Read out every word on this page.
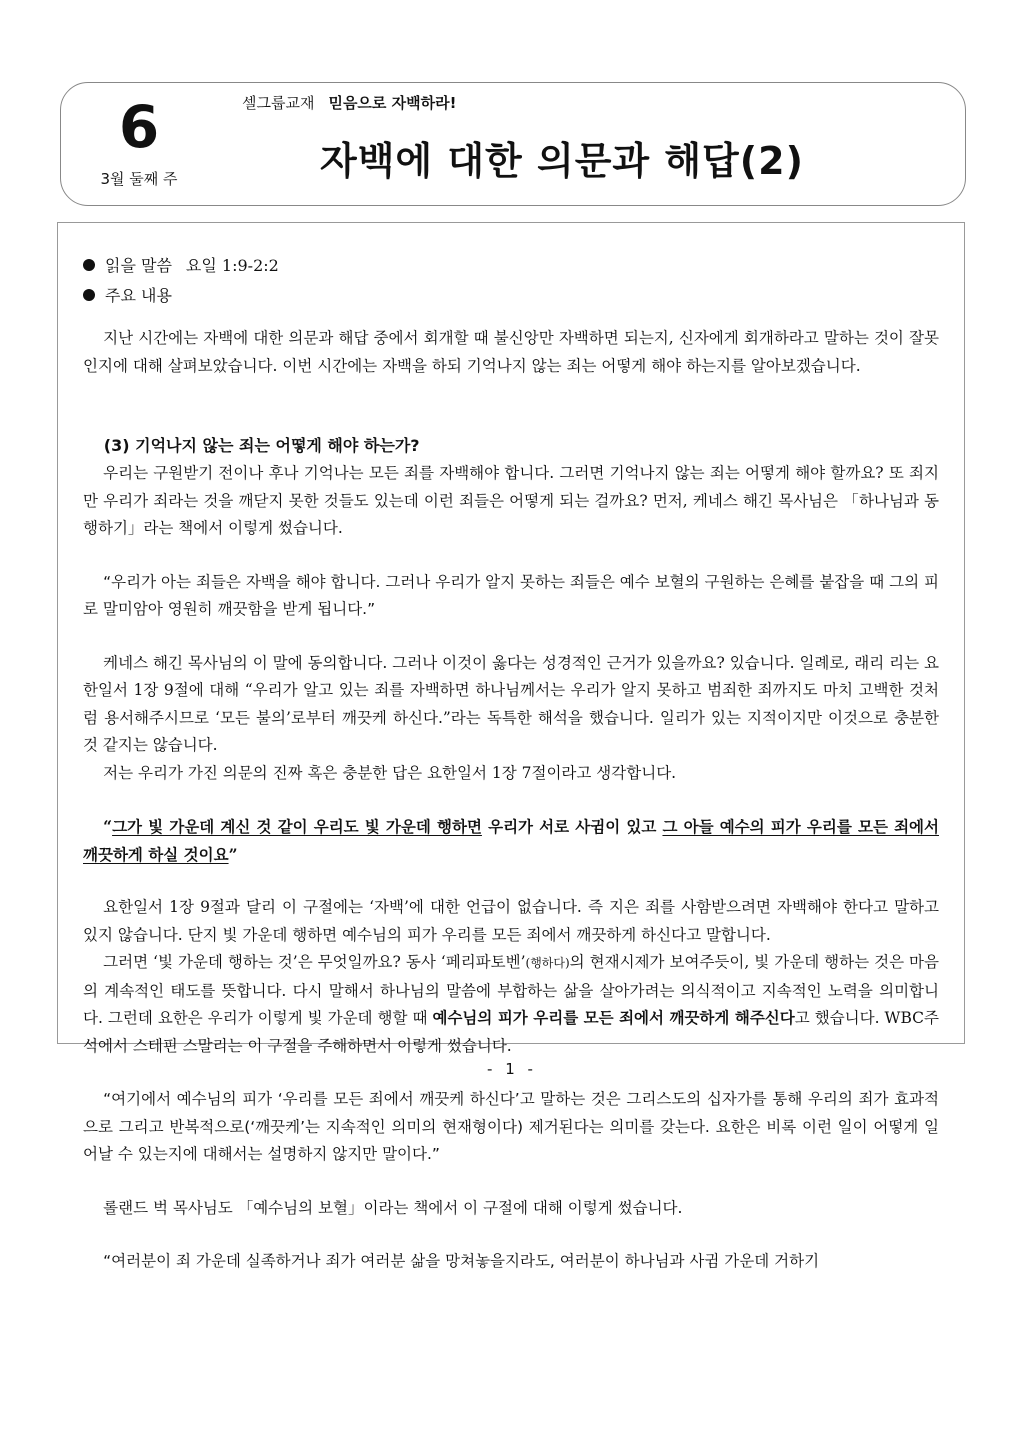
6
3월 둘째 주
셀그룹교재 믿음으로 자백하라!
자백에 대한 의문과 해답(2)
읽을 말씀 요일 1:9-2:2
주요 내용

지난 시간에는 자백에 대한 의문과 해답 중에서 회개할 때 불신앙만 자백하면 되는지, 신자에게 회개하라고 말하는 것이 잘못인지에 대해 살펴보았습니다. 이번 시간에는 자백을 하되 기억나지 않는 죄는 어떻게 해야 하는지를 알아보겠습니다.

(3) 기억나지 않는 죄는 어떻게 해야 하는가?

우리는 구원받기 전이나 후나 기억나는 모든 죄를 자백해야 합니다. 그러면 기억나지 않는 죄는 어떻게 해야 할까요? 또 죄지만 우리가 죄라는 것을 깨닫지 못한 것들도 있는데 이런 죄들은 어떻게 되는 걸까요? 먼저, 케네스 해긴 목사님은 「하나님과 동행하기」라는 책에서 이렇게 썼습니다.

“우리가 아는 죄들은 자백을 해야 합니다. 그러나 우리가 알지 못하는 죄들은 예수 보혈의 구원하는 은혜를 붙잡을 때 그의 피로 말미암아 영원히 깨끗함을 받게 됩니다.”

케네스 해긴 목사님의 이 말에 동의합니다. 그러나 이것이 옳다는 성경적인 근거가 있을까요? 있습니다. 일례로, 래리 리는 요한일서 1장 9절에 대해 “우리가 알고 있는 죄를 자백하면 하나님께서는 우리가 알지 못하고 범죄한 죄까지도 마치 고백한 것처럼 용서해주시므로 ‘모든 불의’로부터 깨끗케 하신다.”라는 독특한 해석을 했습니다. 일리가 있는 지적이지만 이것으로 충분한 것 같지는 않습니다.

저는 우리가 가진 의문의 진짜 혹은 충분한 답은 요한일서 1장 7절이라고 생각합니다.

“그가 빛 가운데 계신 것 같이 우리도 빛 가운데 행하면 우리가 서로 사귐이 있고 그 아들 예수의 피가 우리를 모든 죄에서 깨끗하게 하실 것이요”

요한일서 1장 9절과 달리 이 구절에는 ‘자백’에 대한 언급이 없습니다. 즉 지은 죄를 사함받으려면 자백해야 한다고 말하고 있지 않습니다. 단지 빛 가운데 행하면 예수님의 피가 우리를 모든 죄에서 깨끗하게 하신다고 말합니다.

그러면 ‘빛 가운데 행하는 것’은 무엇일까요? 동사 ‘페리파토벤’(행하다)의 현재시제가 보여주듯이, 빛 가운데 행하는 것은 마음의 계속적인 태도를 뜻합니다. 다시 말해서 하나님의 말씀에 부합하는 삶을 살아가려는 의식적이고 지속적인 노력을 의미합니다. 그런데 요한은 우리가 이렇게 빛 가운데 행할 때 예수님의 피가 우리를 모든 죄에서 깨끗하게 해주신다고 했습니다. WBC주석에서 스테핀 스말리는 이 구절을 주해하면서 이렇게 썼습니다.

“여기에서 예수님의 피가 ‘우리를 모든 죄에서 깨끗케 하신다’고 말하는 것은 그리스도의 십자가를 통해 우리의 죄가 효과적으로 그리고 반복적으로(‘깨끗케’는 지속적인 의미의 현재형이다) 제거된다는 의미를 갖는다. 요한은 비록 이런 일이 어떻게 일어날 수 있는지에 대해서는 설명하지 않지만 말이다.”

롤랜드 벅 목사님도 「예수님의 보혈」이라는 책에서 이 구절에 대해 이렇게 썼습니다.

“여러분이 죄 가운데 실족하거나 죄가 여러분 삶을 망쳐놓을지라도, 여러분이 하나님과 사귐 가운데 거하기

- 1 -
